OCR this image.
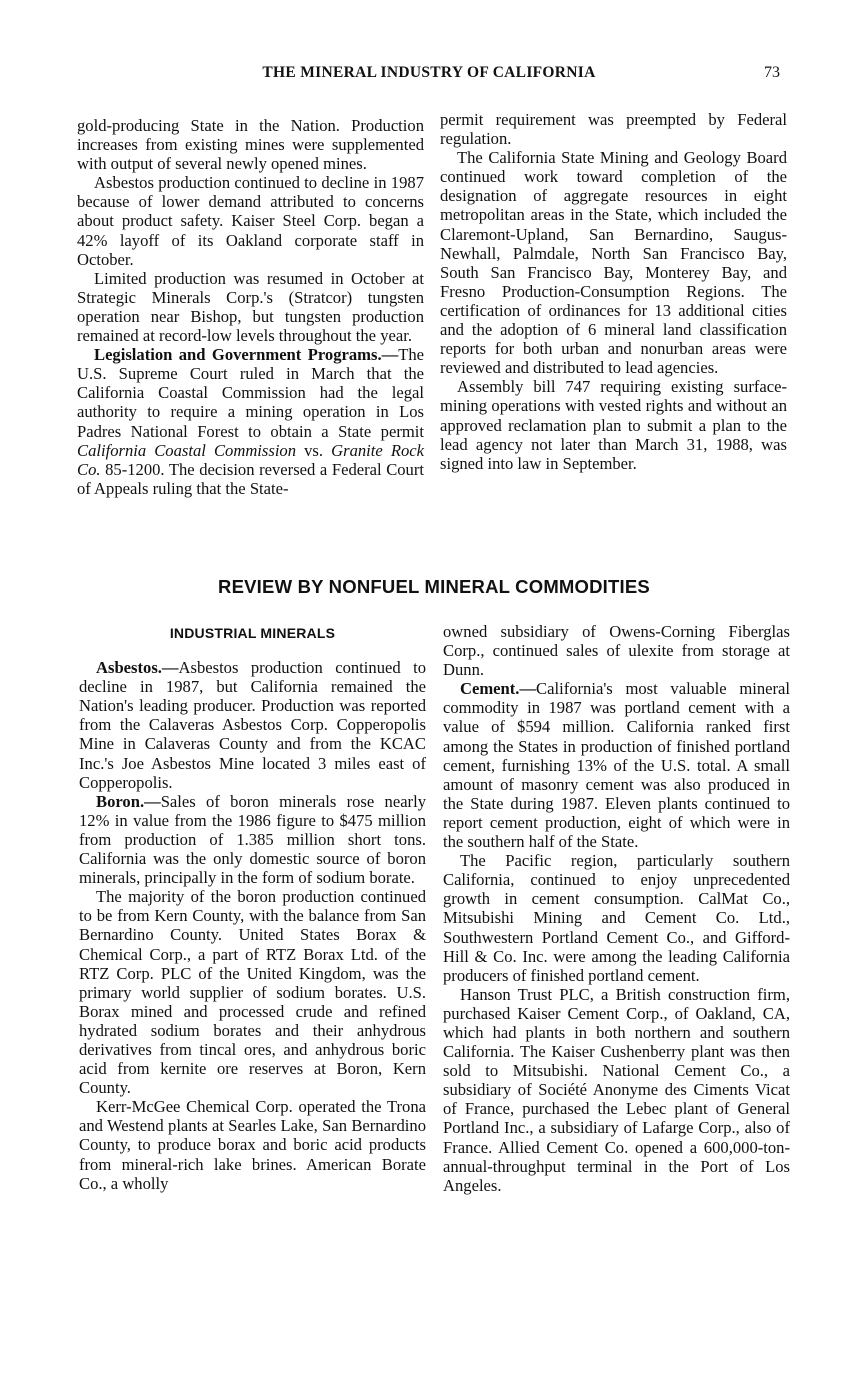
THE MINERAL INDUSTRY OF CALIFORNIA	73

gold-producing State in the Nation. Production increases from existing mines were supplemented with output of several newly opened mines.

Asbestos production continued to decline in 1987 because of lower demand attributed to concerns about product safety. Kaiser Steel Corp. began a 42% layoff of its Oakland corporate staff in October.

Limited production was resumed in October at Strategic Minerals Corp.'s (Stratcor) tungsten operation near Bishop, but tungsten production remained at record-low levels throughout the year.

Legislation and Government Programs.—The U.S. Supreme Court ruled in March that the California Coastal Commission had the legal authority to require a mining operation in Los Padres National Forest to obtain a State permit California Coastal Commission vs. Granite Rock Co. 85-1200. The decision reversed a Federal Court of Appeals ruling that the State-

permit requirement was preempted by Federal regulation.

The California State Mining and Geology Board continued work toward completion of the designation of aggregate resources in eight metropolitan areas in the State, which included the Claremont-Upland, San Bernardino, Saugus-Newhall, Palmdale, North San Francisco Bay, South San Francisco Bay, Monterey Bay, and Fresno Production-Consumption Regions. The certification of ordinances for 13 additional cities and the adoption of 6 mineral land classification reports for both urban and nonurban areas were reviewed and distributed to lead agencies.

Assembly bill 747 requiring existing surface-mining operations with vested rights and without an approved reclamation plan to submit a plan to the lead agency not later than March 31, 1988, was signed into law in September.

REVIEW BY NONFUEL MINERAL COMMODITIES
INDUSTRIAL MINERALS

Asbestos.—Asbestos production continued to decline in 1987, but California remained the Nation's leading producer. Production was reported from the Calaveras Asbestos Corp. Copperopolis Mine in Calaveras County and from the KCAC Inc.'s Joe Asbestos Mine located 3 miles east of Copperopolis.

Boron.—Sales of boron minerals rose nearly 12% in value from the 1986 figure to $475 million from production of 1.385 million short tons. California was the only domestic source of boron minerals, principally in the form of sodium borate.

The majority of the boron production continued to be from Kern County, with the balance from San Bernardino County. United States Borax & Chemical Corp., a part of RTZ Borax Ltd. of the RTZ Corp. PLC of the United Kingdom, was the primary world supplier of sodium borates. U.S. Borax mined and processed crude and refined hydrated sodium borates and their anhydrous derivatives from tincal ores, and anhydrous boric acid from kernite ore reserves at Boron, Kern County.

Kerr-McGee Chemical Corp. operated the Trona and Westend plants at Searles Lake, San Bernardino County, to produce borax and boric acid products from mineral-rich lake brines. American Borate Co., a wholly

owned subsidiary of Owens-Corning Fiberglas Corp., continued sales of ulexite from storage at Dunn.

Cement.—California's most valuable mineral commodity in 1987 was portland cement with a value of $594 million. California ranked first among the States in production of finished portland cement, furnishing 13% of the U.S. total. A small amount of masonry cement was also produced in the State during 1987. Eleven plants continued to report cement production, eight of which were in the southern half of the State.

The Pacific region, particularly southern California, continued to enjoy unprecedented growth in cement consumption. CalMat Co., Mitsubishi Mining and Cement Co. Ltd., Southwestern Portland Cement Co., and Gifford-Hill & Co. Inc. were among the leading California producers of finished portland cement.

Hanson Trust PLC, a British construction firm, purchased Kaiser Cement Corp., of Oakland, CA, which had plants in both northern and southern California. The Kaiser Cushenberry plant was then sold to Mitsubishi. National Cement Co., a subsidiary of Société Anonyme des Ciments Vicat of France, purchased the Lebec plant of General Portland Inc., a subsidiary of Lafarge Corp., also of France. Allied Cement Co. opened a 600,000-ton-annual-throughput terminal in the Port of Los Angeles.
